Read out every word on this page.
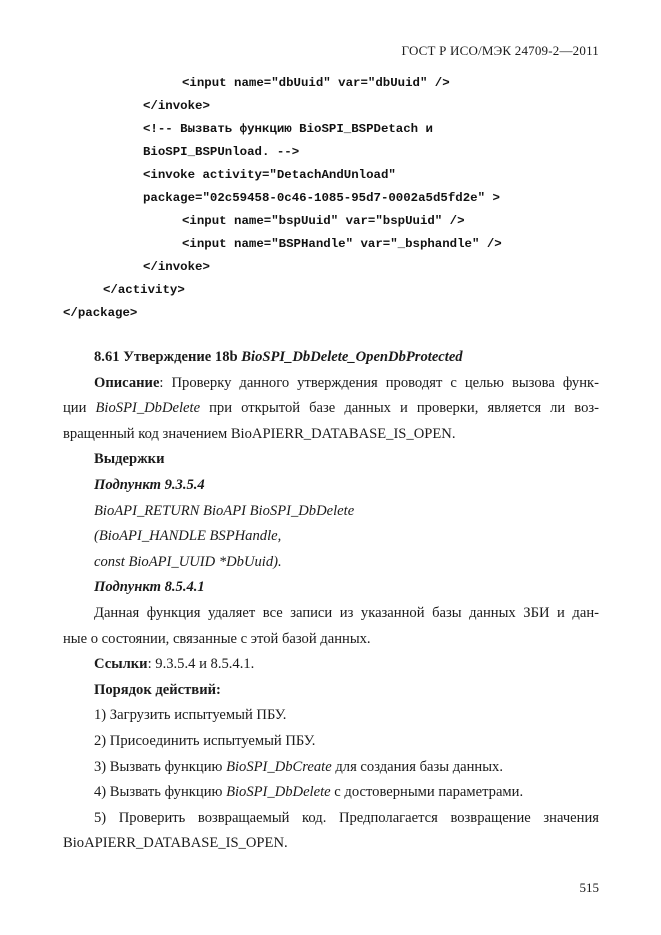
ГОСТ Р ИСО/МЭК 24709-2—2011
<input name="dbUuid" var="dbUuid" />
</invoke>
<!-- Вызвать функцию BioSPI_BSPDetach и
BioSPI_BSPUnload. -->
<invoke activity="DetachAndUnload"
package="02c59458-0c46-1085-95d7-0002a5d5fd2e" >
<input name="bspUuid" var="bspUuid" />
<input name="BSPHandle" var="_bsphandle" />
</invoke>
</activity>
</package>

8.61 Утверждение 18b BioSPI_DbDelete_OpenDbProtected

Описание: Проверку данного утверждения проводят с целью вызова функ-

ции BioSPI_DbDelete при открытой базе данных и проверки, является ли воз-

вращенный код значением BioAPIERR_DATABASE_IS_OPEN.

Выдержки

Подпункт 9.3.5.4

BioAPI_RETURN BioAPI BioSPI_DbDelete

(BioAPI_HANDLE BSPHandle,

const BioAPI_UUID *DbUuid).

Подпункт 8.5.4.1

Данная функция удаляет все записи из указанной базы данных ЗБИ и дан-

ные о состоянии, связанные с этой базой данных.

Ссылки: 9.3.5.4 и 8.5.4.1.

Порядок действий:

1) Загрузить испытуемый ПБУ.

2) Присоединить испытуемый ПБУ.

3) Вызвать функцию BioSPI_DbCreate для создания базы данных.

4) Вызвать функцию BioSPI_DbDelete с достоверными параметрами.

5) Проверить возвращаемый код. Предполагается возвращение значения

BioAPIERR_DATABASE_IS_OPEN.

515
